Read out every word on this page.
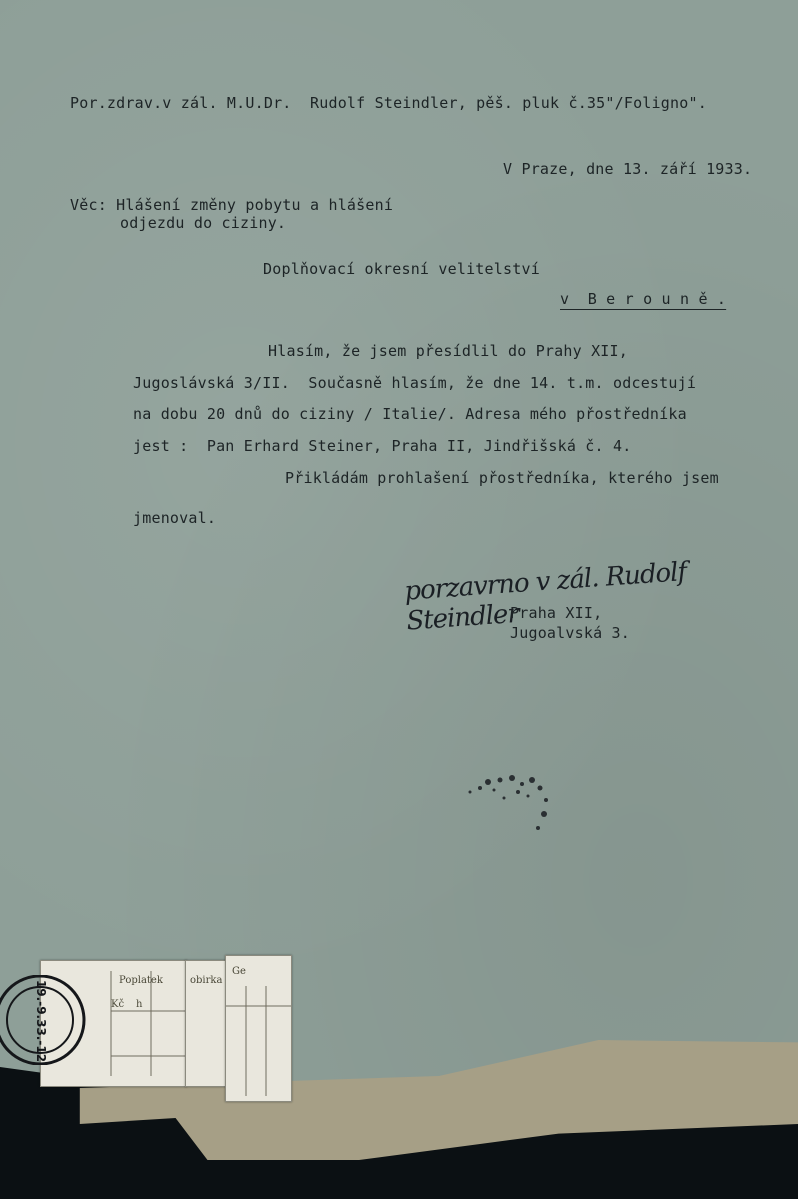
Por.zdrav.v zál. M.U.Dr.  Rudolf Steindler, pěš. pluk č.35"/Foligno".
V Praze, dne 13. září 1933.
Věc: Hlášení změny pobytu a hlášení
odjezdu do ciziny.
Doplňovací okresní velitelství
v  B e r o u n ě .
Hlasím, že jsem přesídlil do Prahy XII,
Jugoslávská 3/II.  Současně hlasím, že dne 14. t.m. odcestují
na dobu 20 dnů do ciziny / Italie/. Adresa mého přostředníka
jest :  Pan Erhard Steiner, Praha II, Jindřišská č. 4.
Přikládám prohlašení přostředníka, kterého jsem
jmenoval.
porzavrno v zál. Rudolf Steindler
Praha XII,
Jugoalvská 3.
Poplatek
Kč h
obirka
Ge
19.-9.33.-12
